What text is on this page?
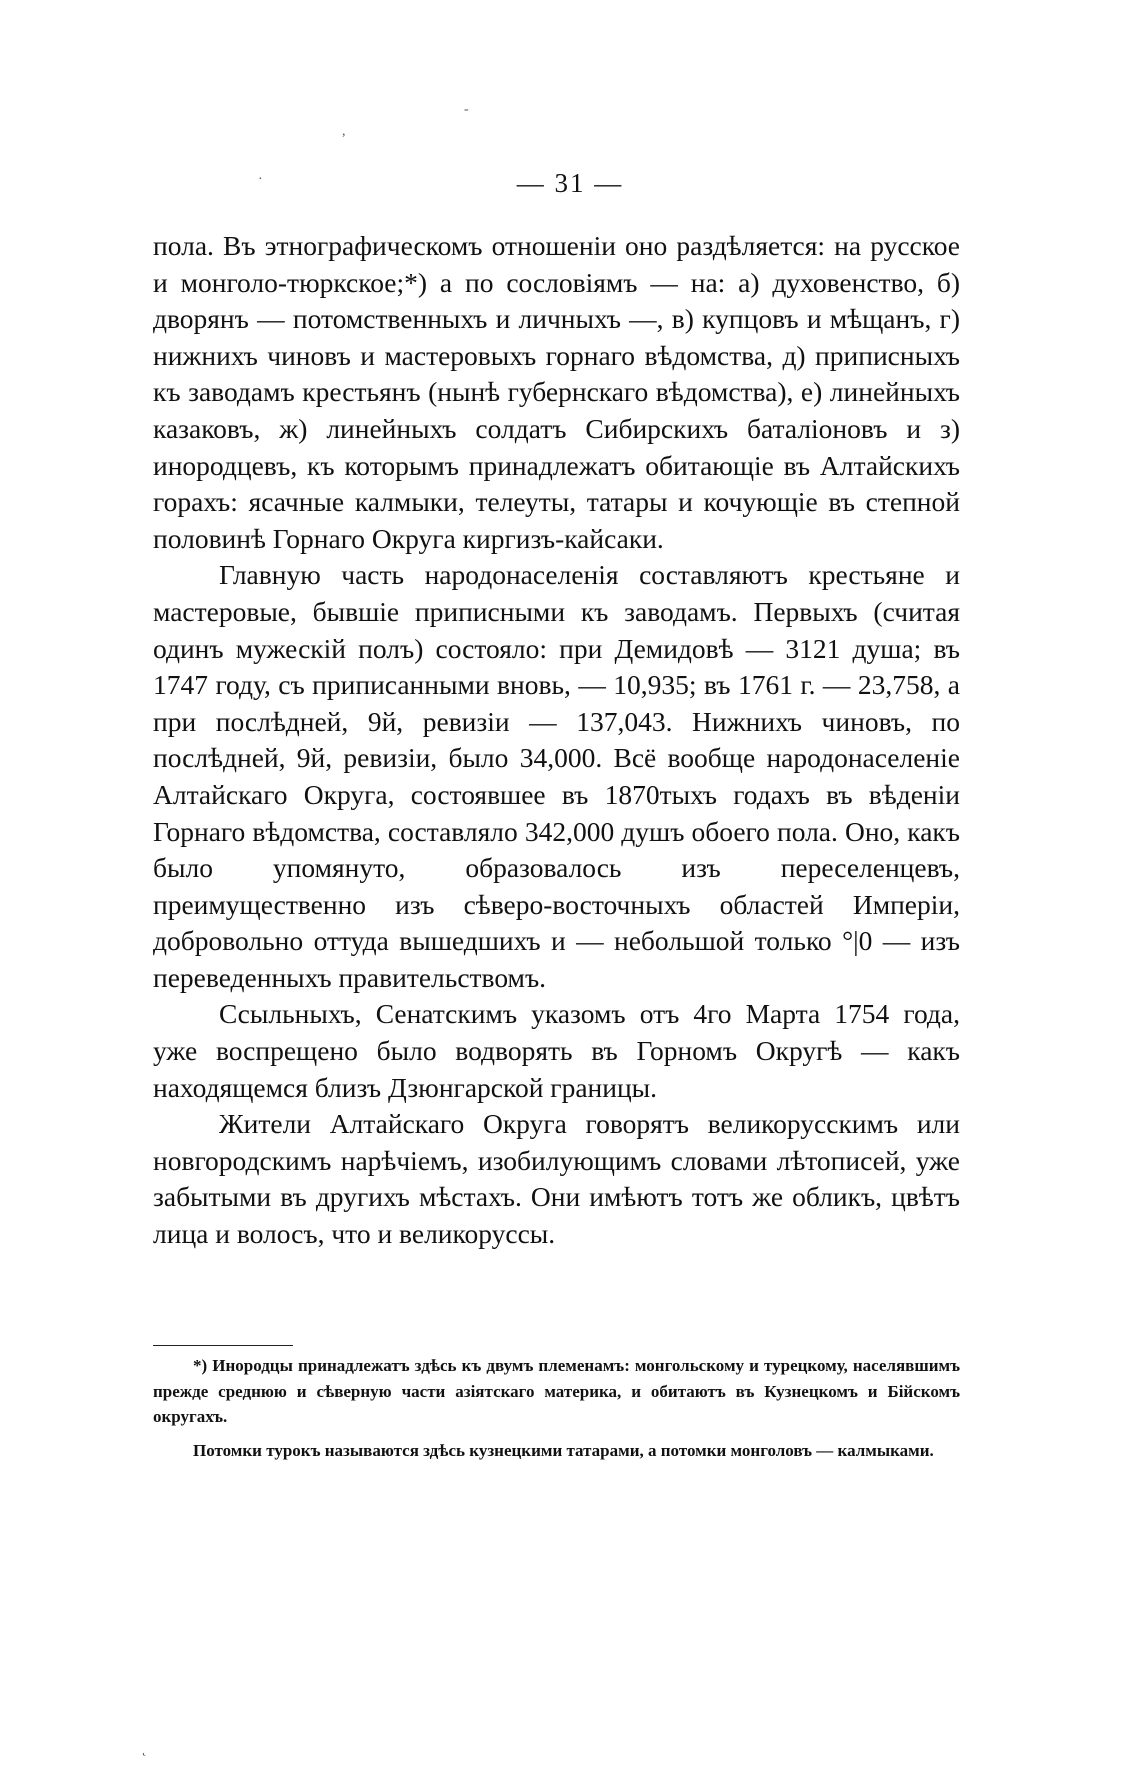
-
,
·	— 31 —

пола. Въ этнографическомъ отношеніи оно раздѣляется: на русское и монголо-тюркское;*) а по сословіямъ — на: а) духовенство, б) дворянъ — потомственныхъ и личныхъ —, в) купцовъ и мѣщанъ, г) нижнихъ чиновъ и мастеровыхъ горнаго вѣдомства, д) приписныхъ къ заводамъ крестьянъ (нынѣ губернскаго вѣдомства), е) линейныхъ казаковъ, ж) линейныхъ солдатъ Сибирскихъ баталіоновъ и з) инородцевъ, къ которымъ принадлежатъ обитающіе въ Алтайскихъ горахъ: ясачные калмыки, телеуты, татары и кочующіе въ степной половинѣ Горнаго Округа киргизъ-кайсаки.

Главную часть народонаселенія составляютъ крестьяне и мастеровые, бывшіе приписными къ заводамъ. Первыхъ (считая одинъ мужескій полъ) состояло: при Демидовѣ — 3121 душа; въ 1747 году, съ приписанными вновь, — 10,935; въ 1761 г. — 23,758, а при послѣдней, 9й, ревизіи — 137,043. Нижнихъ чиновъ, по послѣдней, 9й, ревизіи, было 34,000. Всё вообще народонаселеніе Алтайскаго Округа, состоявшее въ 1870тыхъ годахъ въ вѣденіи Горнаго вѣдомства, составляло 342,000 душъ обоего пола. Оно, какъ было упомянуто, образовалось изъ переселенцевъ, преимущественно изъ сѣверо-восточныхъ областей Имперіи, добровольно оттуда вышедшихъ и — небольшой только °|0 — изъ переведенныхъ правительствомъ.

Ссыльныхъ, Сенатскимъ указомъ отъ 4го Марта 1754 года, уже воспрещено было водворять въ Горномъ Округѣ — какъ находящемся близъ Дзюнгарской границы.

Жители Алтайскаго Округа говорятъ великорусскимъ или новгородскимъ нарѣчіемъ, изобилующимъ словами лѣтописей, уже забытыми въ другихъ мѣстахъ. Они имѣютъ тотъ же обликъ, цвѣтъ лица и волосъ, что и великоруссы.

*) Инородцы принадлежатъ здѣсь къ двумъ племенамъ: монгольскому и турецкому, населявшимъ прежде среднюю и сѣверную части азіятскаго материка, и обитаютъ въ Кузнецкомъ и Бійскомъ округахъ.

Потомки турокъ называются здѣсь кузнецкими татарами, а потомки монголовъ — калмыками.

˛
